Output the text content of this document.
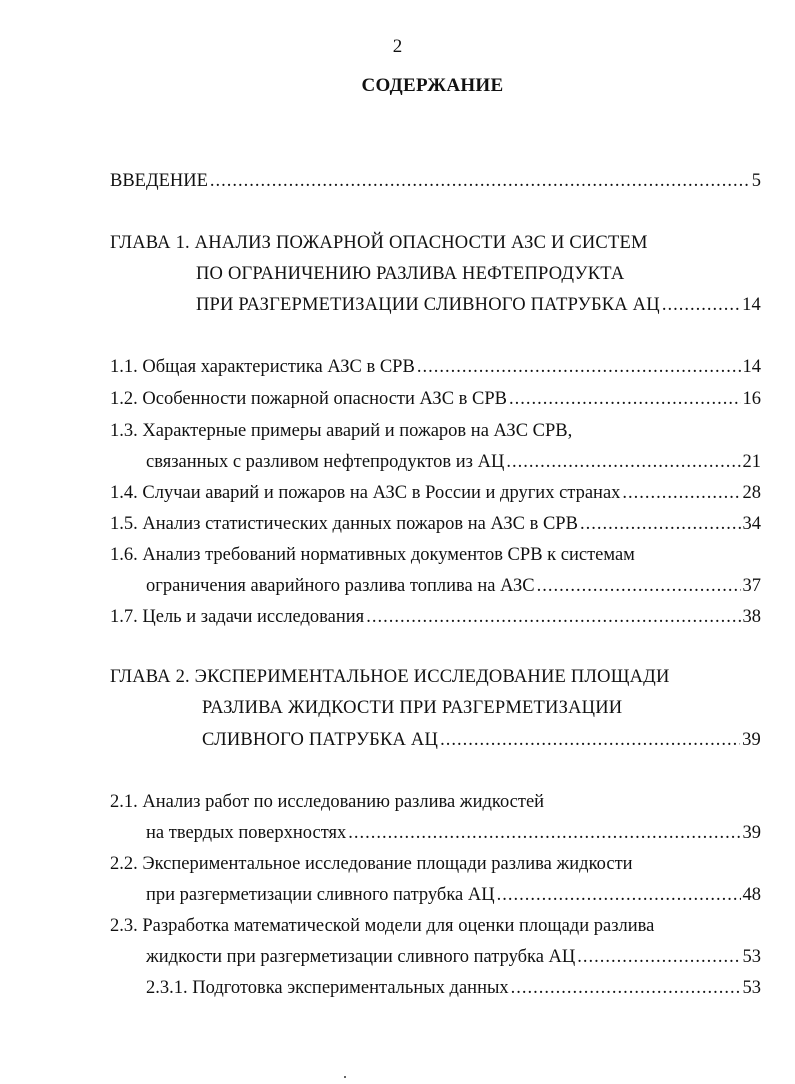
2
СОДЕРЖАНИЕ
ВВЕДЕНИЕ .....	5
ГЛАВА 1. АНАЛИЗ ПОЖАРНОЙ ОПАСНОСТИ АЗС И СИСТЕМ
ПО ОГРАНИЧЕНИЮ РАЗЛИВА НЕФТЕПРОДУКТА
ПРИ РАЗГЕРМЕТИЗАЦИИ СЛИВНОГО ПАТРУБКА АЦ .....	14
1.1. Общая характеристика АЗС в СРВ .....	14
1.2. Особенности пожарной опасности АЗС в СРВ .....	16
1.3. Характерные примеры аварий и пожаров на АЗС СРВ,
связанных с разливом нефтепродуктов из АЦ .....	21
1.4. Случаи аварий и пожаров на АЗС в России и других странах .....	28
1.5. Анализ статистических данных пожаров на АЗС в СРВ .....	34
1.6. Анализ требований нормативных документов СРВ к системам
ограничения аварийного разлива топлива на АЗС .....	37
1.7. Цель и задачи исследования .....	38
ГЛАВА 2. ЭКСПЕРИМЕНТАЛЬНОЕ ИССЛЕДОВАНИЕ ПЛОЩАДИ
РАЗЛИВА ЖИДКОСТИ ПРИ РАЗГЕРМЕТИЗАЦИИ
СЛИВНОГО ПАТРУБКА АЦ .....	39
2.1. Анализ работ по исследованию разлива жидкостей
на твердых поверхностях .....	39
2.2. Экспериментальное исследование площади разлива жидкости
при разгерметизации сливного патрубка АЦ .....	48
2.3. Разработка математической модели для оценки площади разлива
жидкости при разгерметизации сливного патрубка АЦ .....	53
2.3.1. Подготовка экспериментальных данных .....	53
